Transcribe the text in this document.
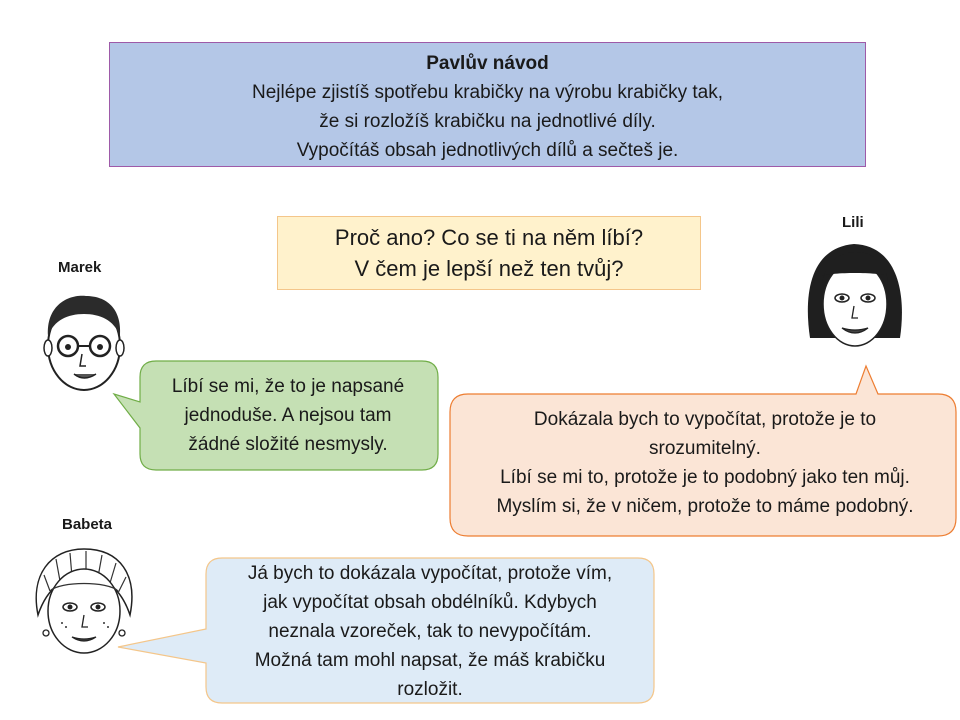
Pavlův návod
Nejlépe zjistíš spotřebu krabičky na výrobu krabičky tak,
že si rozložíš krabičku na jednotlivé díly.
Vypočítáš obsah jednotlivých dílů a sečteš je.
Proč ano? Co se ti na něm líbí?
V čem je lepší než ten tvůj?
Marek
Lili
Babeta
Líbí se mi, že to je napsané
jednoduše. A nejsou tam
žádné složité nesmysly.
Dokázala bych to vypočítat, protože je to
srozumitelný.
Líbí se mi to, protože je to podobný jako ten můj.
Myslím si, že v ničem, protože to máme podobný.
Já bych to dokázala vypočítat, protože vím,
jak vypočítat obsah obdélníků. Kdybych
neznala vzoreček, tak to nevypočítám.
Možná tam mohl napsat, že máš krabičku
rozložit.
